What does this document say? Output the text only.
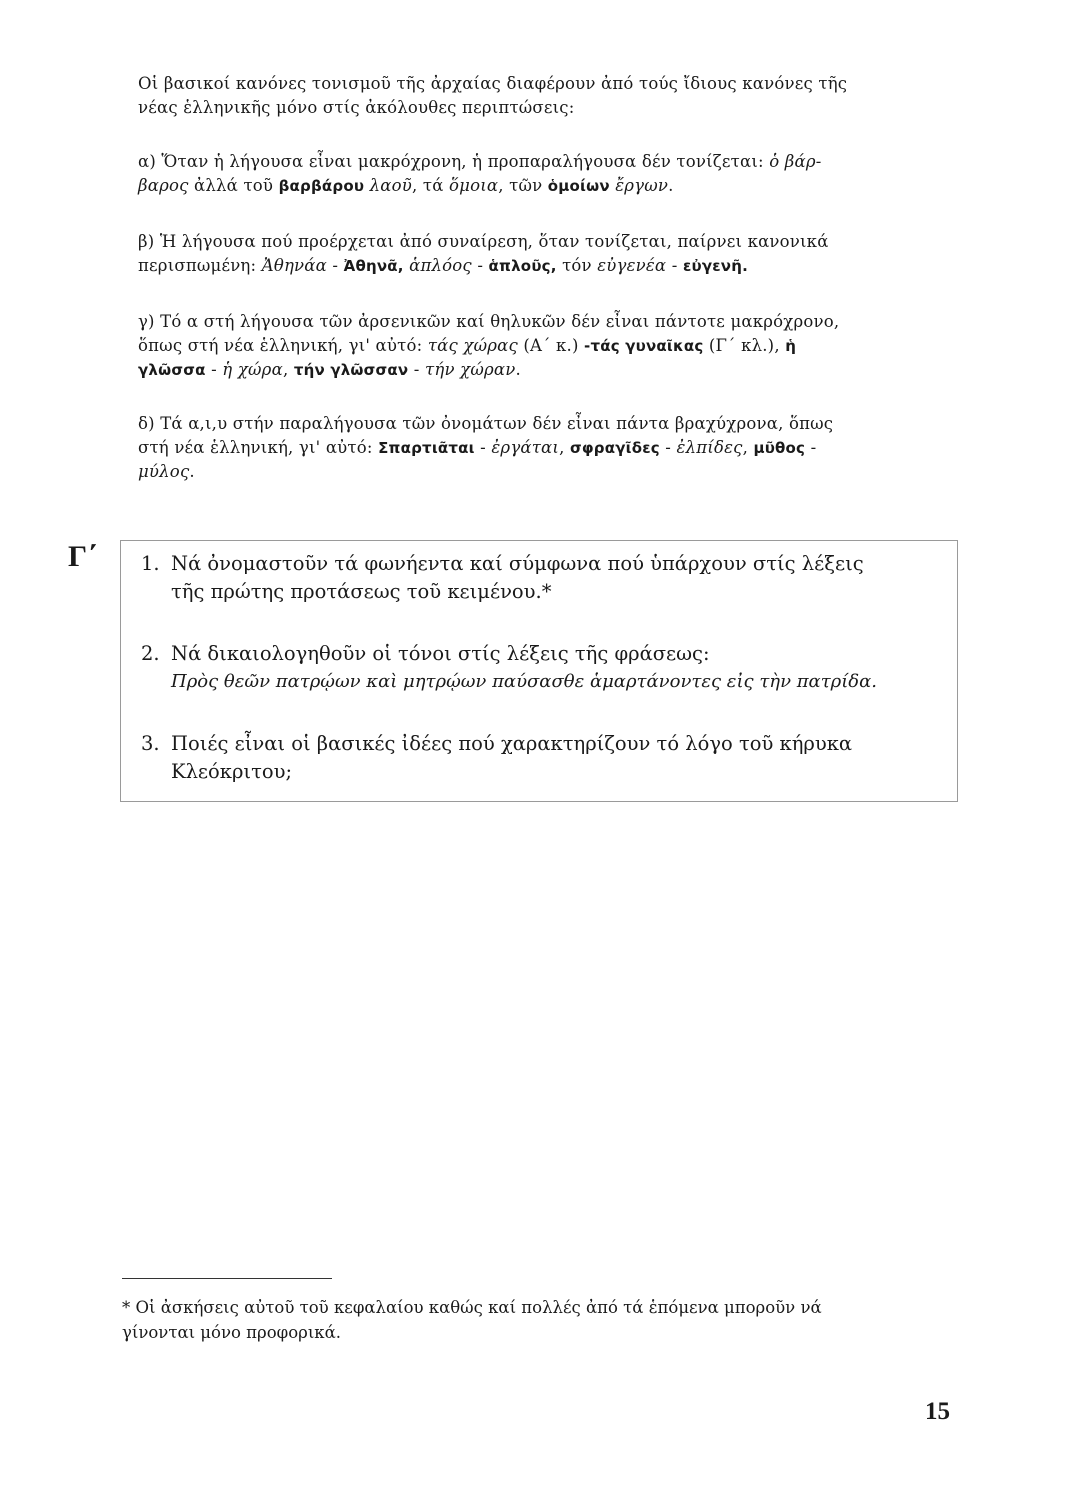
Οἱ βασικοί κανόνες τονισμοῦ τῆς ἀρχαίας διαφέρουν ἀπό τούς ἴδιους κανόνες τῆς

νέας ἑλληνικῆς μόνο στίς ἀκόλουθες περιπτώσεις:

α) Ὅταν ἡ λήγουσα εἶναι μακρόχρονη, ἡ προπαραλήγουσα δέν τονίζεται: ὁ βάρ-

βαρος ἀλλά τοῦ βαρβάρου λαοῦ, τά ὅμοια, τῶν ὁμοίων ἔργων.

β) Ἡ λήγουσα πού προέρχεται ἀπό συναίρεση, ὅταν τονίζεται, παίρνει κανονικά

περισπωμένη: Ἀθηνάα - Ἀθηνᾶ, ἁπλόος - ἁπλοῦς, τόν εὐγενέα - εὐγενῆ.

γ) Τό α στή λήγουσα τῶν ἀρσενικῶν καί θηλυκῶν δέν εἶναι πάντοτε μακρόχρονο,

ὅπως στή νέα ἑλληνική, γι' αὐτό: τάς χώρας (Α΄ κ.) -τάς γυναῖκας (Γ΄ κλ.), ἡ

γλῶσσα - ἡ χώρα, τήν γλῶσσαν - τήν χώραν.

δ) Τά α,ι,υ στήν παραλήγουσα τῶν ὀνομάτων δέν εἶναι πάντα βραχύχρονα, ὅπως

στή νέα ἑλληνική, γι' αὐτό: Σπαρτιᾶται - ἐργάται, σφραγῖδες - ἐλπίδες, μῦθος -

μύλος.

Γ΄ 1. Νά ὀνομαστοῦν τά φωνήεντα καί σύμφωνα πού ὑπάρχουν στίς λέξεις
τῆς πρώτης προτάσεως τοῦ κειμένου.*
2. Νά δικαιολογηθοῦν οἱ τόνοι στίς λέξεις τῆς φράσεως:
Πρὸς θεῶν πατρῴων καὶ μητρῴων παύσασθε ἁμαρτάνοντες εἰς τὴν πατρίδα.
3. Ποιές εἶναι οἱ βασικές ἰδέες πού χαρακτηρίζουν τό λόγο τοῦ κήρυκα
Κλεόκριτου;
* Οἱ ἀσκήσεις αὐτοῦ τοῦ κεφαλαίου καθώς καί πολλές ἀπό τά ἑπόμενα μποροῦν νά
γίνονται μόνο προφορικά.
15
